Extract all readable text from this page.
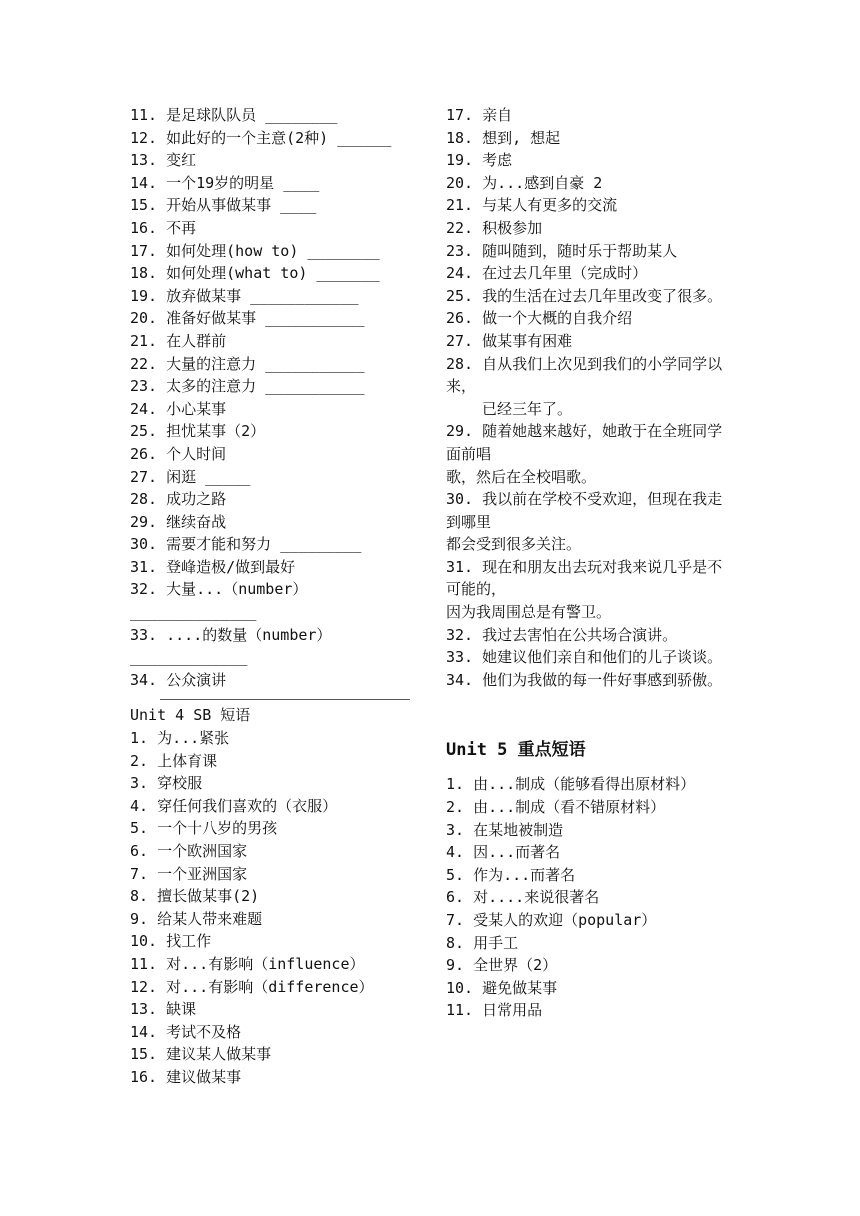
11. 是足球队队员 ________
12. 如此好的一个主意(2种) ______
13. 变红
14. 一个19岁的明星 ____
15. 开始从事做某事 ____
16. 不再
17. 如何处理(how to) ________
18. 如何处理(what to) _______
19. 放弃做某事 ____________
20. 准备好做某事 ___________
21. 在人群前
22. 大量的注意力 ___________
23. 太多的注意力 ___________
24. 小心某事
25. 担忧某事（2）
26. 个人时间
27. 闲逛 _____
28. 成功之路
29. 继续奋战
30. 需要才能和努力 _________
31. 登峰造极/做到最好
32. 大量...（number）
______________
33. ....的数量（number）
_____________
34. 公众演讲
Unit 4 SB 短语
1. 为...紧张
2. 上体育课
3. 穿校服
4. 穿任何我们喜欢的（衣服）
5. 一个十八岁的男孩
6. 一个欧洲国家
7. 一个亚洲国家
8. 擅长做某事(2)
9. 给某人带来难题
10. 找工作
11. 对...有影响（influence）
12. 对...有影响（difference）
13. 缺课
14. 考试不及格
15. 建议某人做某事
16. 建议做某事
17. 亲自
18. 想到, 想起
19. 考虑
20. 为...感到自豪 2
21. 与某人有更多的交流
22. 积极参加
23. 随叫随到，随时乐于帮助某人
24. 在过去几年里（完成时）
25. 我的生活在过去几年里改变了很多。
26. 做一个大概的自我介绍
27. 做某事有困难
28. 自从我们上次见到我们的小学同学以来，
已经三年了。
29. 随着她越来越好，她敢于在全班同学面前唱
歌，然后在全校唱歌。
30. 我以前在学校不受欢迎，但现在我走到哪里
都会受到很多关注。
31. 现在和朋友出去玩对我来说几乎是不可能的，
因为我周围总是有警卫。
32. 我过去害怕在公共场合演讲。
33. 她建议他们亲自和他们的儿子谈谈。
34. 他们为我做的每一件好事感到骄傲。
Unit 5 重点短语
1. 由...制成（能够看得出原材料）
2. 由...制成（看不错原材料）
3. 在某地被制造
4. 因...而著名
5. 作为...而著名
6. 对....来说很著名
7. 受某人的欢迎（popular）
8. 用手工
9. 全世界（2）
10. 避免做某事
11. 日常用品
